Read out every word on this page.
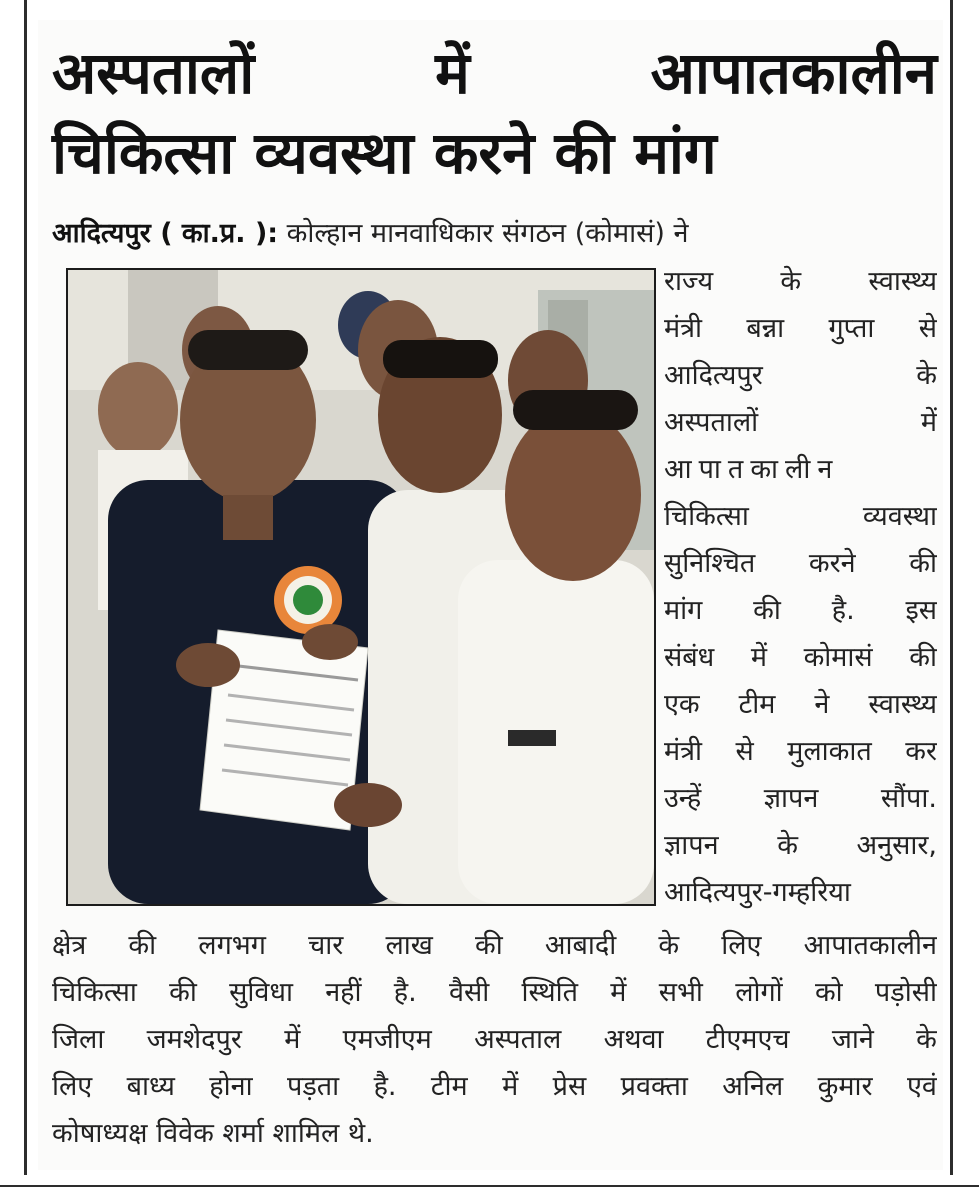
अस्पतालों	में	आपातकालीन
चिकित्सा व्यवस्था करने की मांग
आदित्यपुर ( का.प्र. ): कोल्हान मानवाधिकार संगठन (कोमासं) ने
राज्य के स्वास्थ्य
मंत्री बन्ना गुप्ता से
आदित्यपुर	के
अस्पतालों	में
आपातकालीन
चिकित्सा	व्यवस्था
सुनिश्चित करने की
मांग की है. इस
संबंध में कोमासं की
एक टीम ने स्वास्थ्य
मंत्री से मुलाकात कर
उन्हें ज्ञापन सौंपा.
ज्ञापन के अनुसार,
आदित्यपुर-गम्हरिया
क्षेत्र की लगभग चार लाख की आबादी के लिए आपातकालीन
चिकित्सा की सुविधा नहीं है. वैसी स्थिति में सभी लोगों को पड़ोसी
जिला जमशेदपुर में एमजीएम अस्पताल अथवा टीएमएच जाने के
लिए बाध्य होना पड़ता है. टीम में प्रेस प्रवक्ता अनिल कुमार एवं
कोषाध्यक्ष विवेक शर्मा शामिल थे.
